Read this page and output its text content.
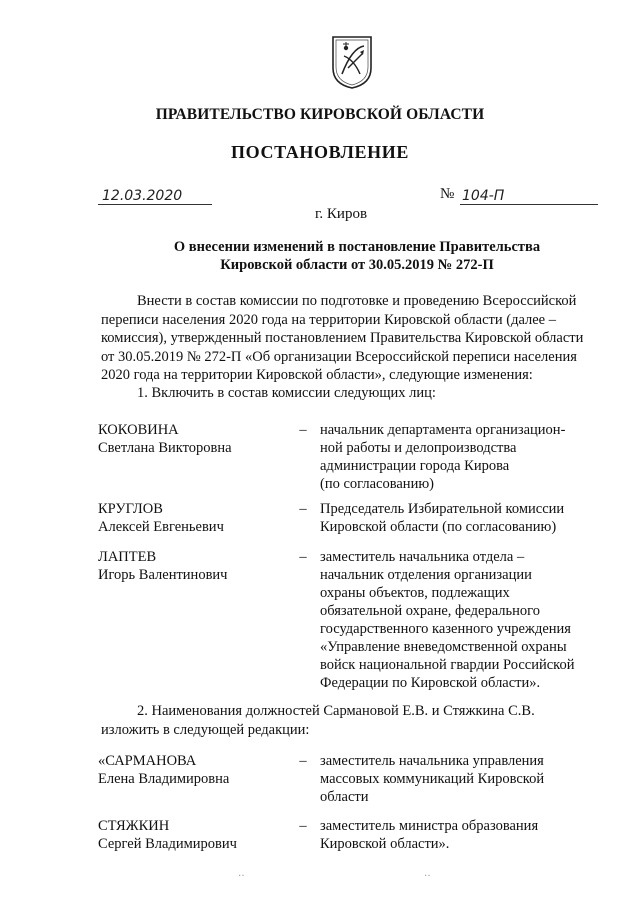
ПРАВИТЕЛЬСТВО КИРОВСКОЙ ОБЛАСТИ
ПОСТАНОВЛЕНИЕ
12.03.2020	№ 104-П
г. Киров
О внесении изменений в постановление Правительства
Кировской области от 30.05.2019 № 272-П
Внести в состав комиссии по подготовке и проведению Всероссийской
переписи населения 2020 года на территории Кировской области (далее –
комиссия), утвержденный постановлением Правительства Кировской области
от 30.05.2019 № 272-П «Об организации Всероссийской переписи населения
2020 года на территории Кировской области», следующие изменения:
1. Включить в состав комиссии следующих лиц:
КОКОВИНА
Светлана Викторовна
– начальник департамента организацион-
ной работы и делопроизводства
администрации города Кирова
(по согласованию)
КРУГЛОВ
Алексей Евгеньевич
– Председатель Избирательной комиссии
Кировской области (по согласованию)
ЛАПТЕВ
Игорь Валентинович
– заместитель начальника отдела –
начальник отделения организации
охраны объектов, подлежащих
обязательной охране, федерального
государственного казенного учреждения
«Управление вневедомственной охраны
войск национальной гвардии Российской
Федерации по Кировской области».
2. Наименования должностей Сармановой Е.В. и Стяжкина С.В.
изложить в следующей редакции:
«САРМАНОВА
Елена Владимировна
– заместитель начальника управления
массовых коммуникаций Кировской
области
СТЯЖКИН
Сергей Владимирович
– заместитель министра образования
Кировской области».
‥	‥
